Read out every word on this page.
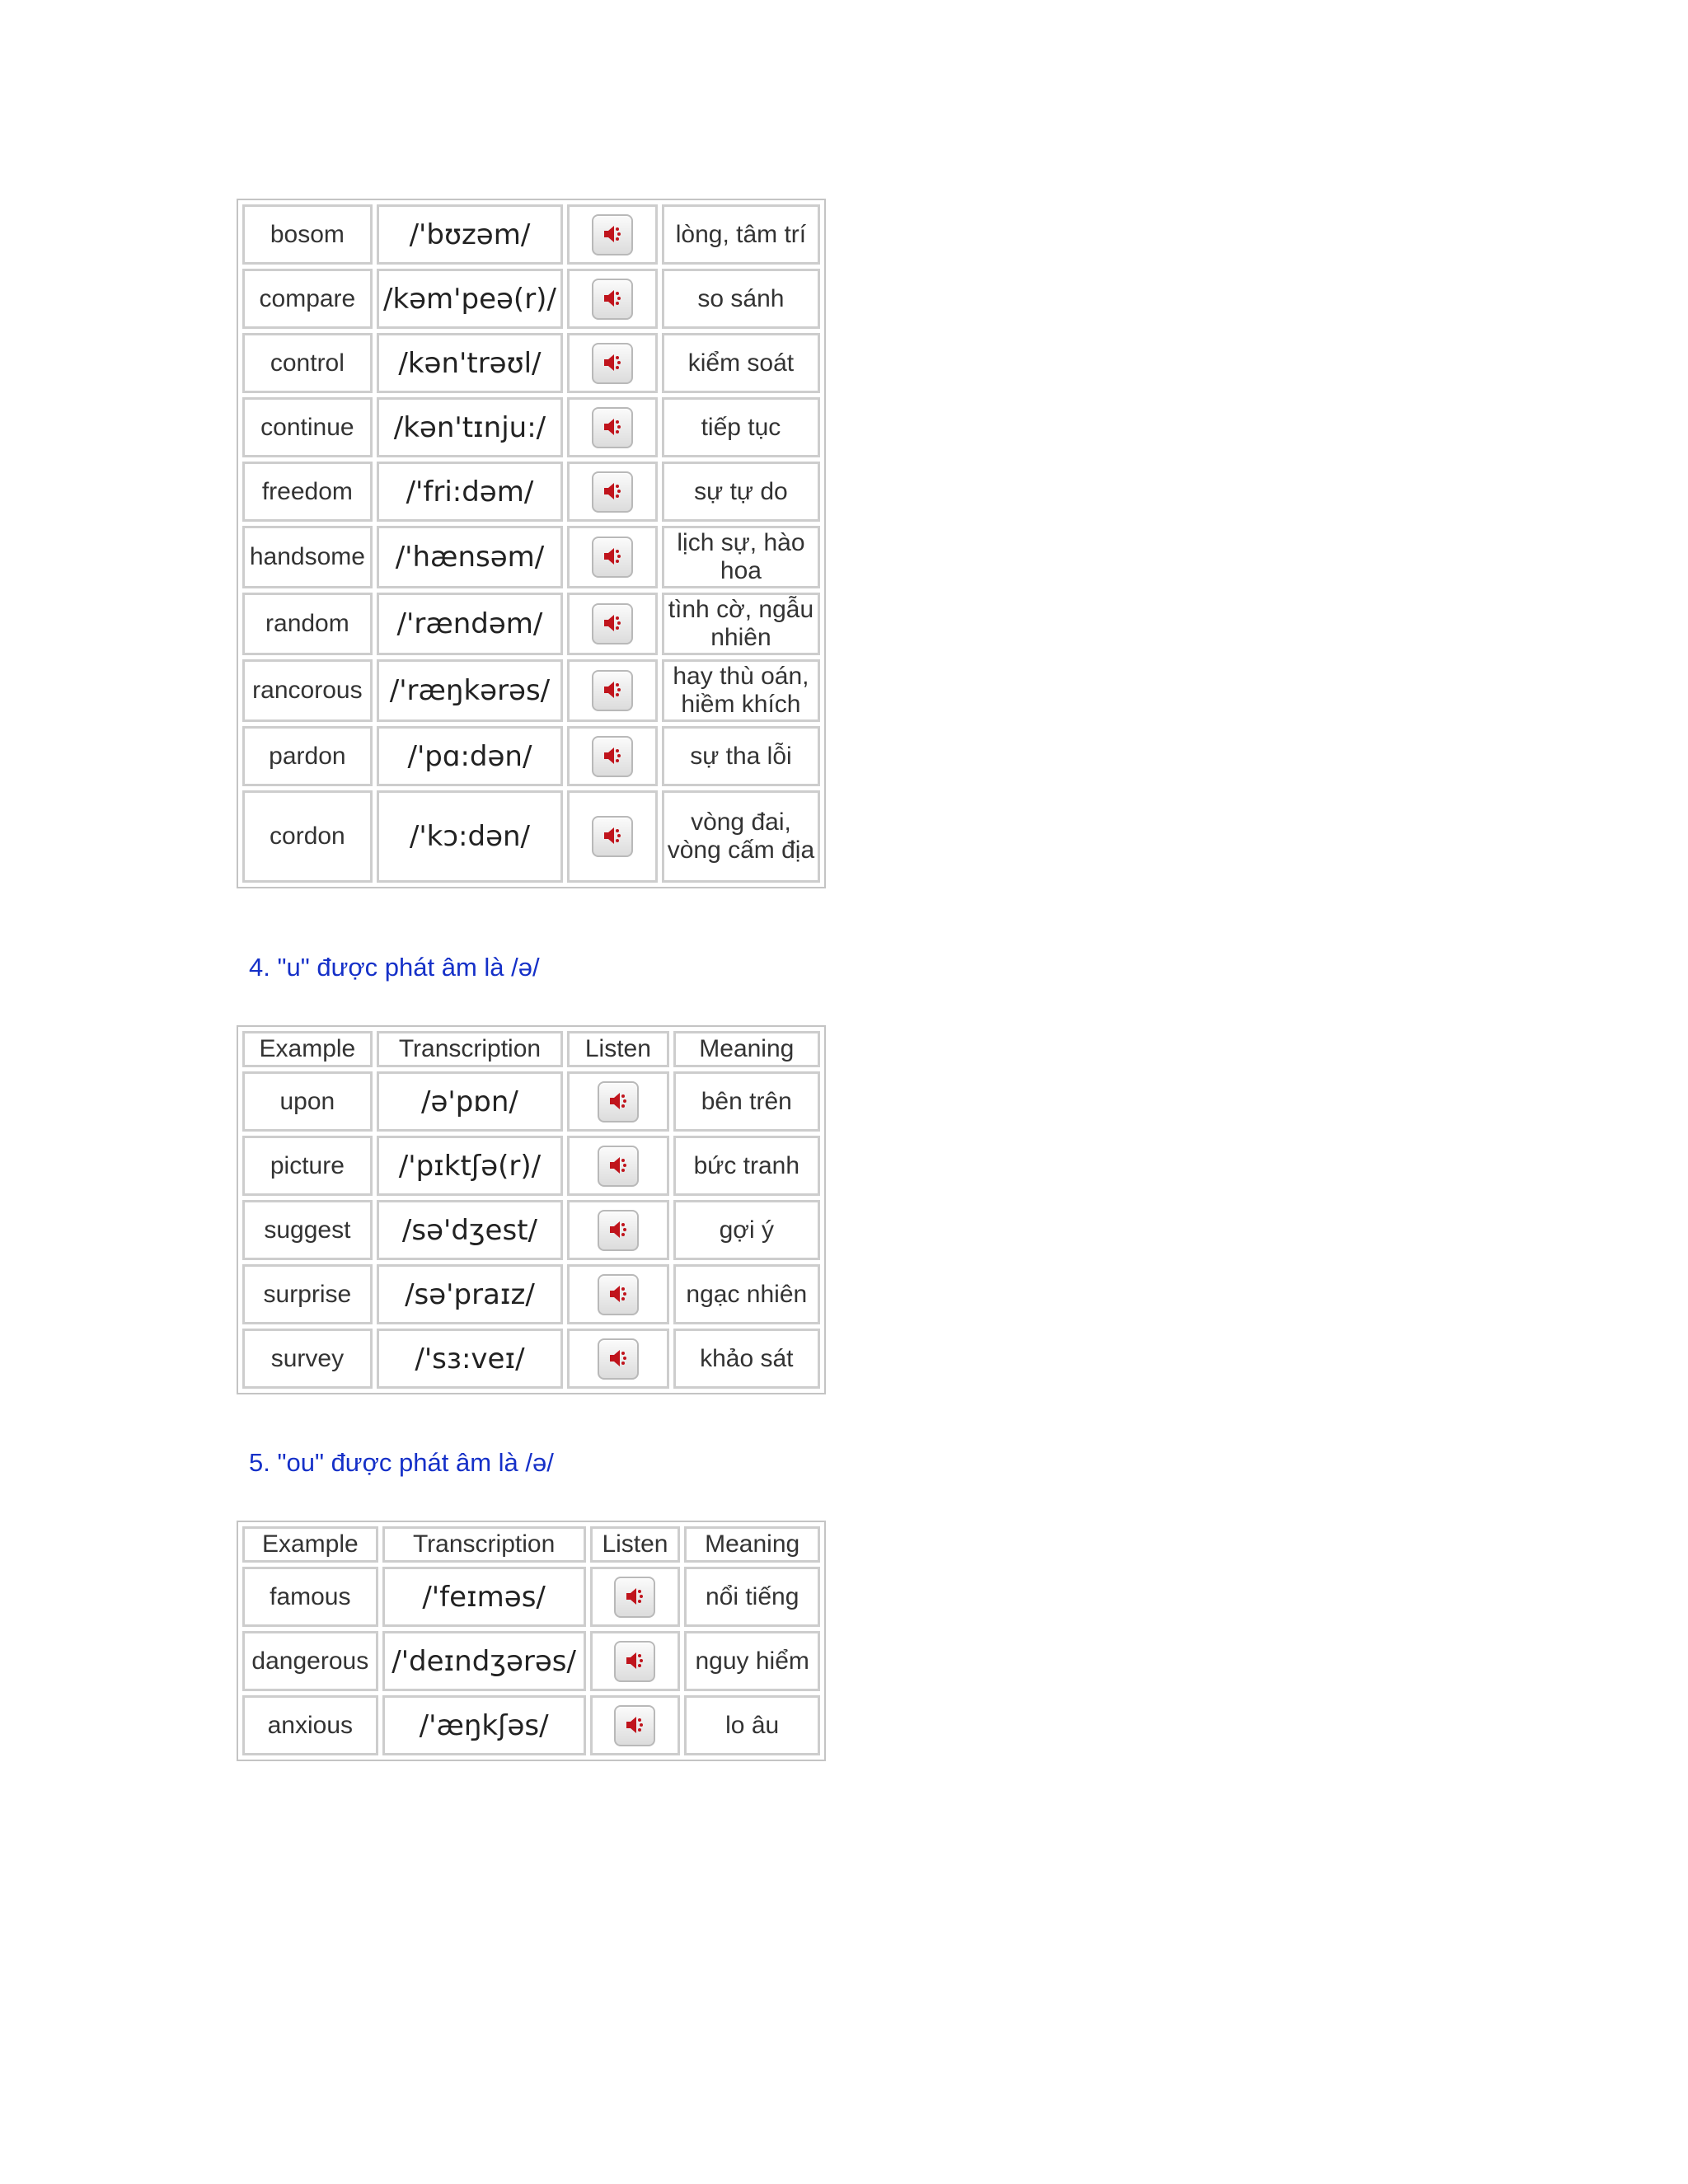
bosom	/'bʊzəm/		lòng, tâm trí
compare	/kəm'peə(r)/		so sánh
control	/kən'trəʊl/		kiểm soát
continue	/kən'tɪnju:/		tiếp tục
freedom	/'fri:dəm/		sự tự do
handsome	/'hænsəm/		lịch sự, hào hoa
random	/'rændəm/		tình cờ, ngẫu nhiên
rancorous	/'ræŋkərəs/		hay thù oán, hiềm khích
pardon	/'pɑ:dən/		sự tha lỗi
cordon	/'kɔ:dən/		vòng đai, vòng cấm địa
4. "u" được phát âm là /ə/
Example	Transcription	Listen	Meaning
upon	/ə'pɒn/		bên trên
picture	/'pɪktʃə(r)/		bức tranh
suggest	/sə'dʒest/		gợi ý
surprise	/sə'praɪz/		ngạc nhiên
survey	/'sɜ:veɪ/		khảo sát
5. "ou" được phát âm là /ə/
Example	Transcription	Listen	Meaning
famous	/'feɪməs/		nổi tiếng
dangerous	/'deɪndʒərəs/		nguy hiểm
anxious	/'æŋkʃəs/		lo âu
